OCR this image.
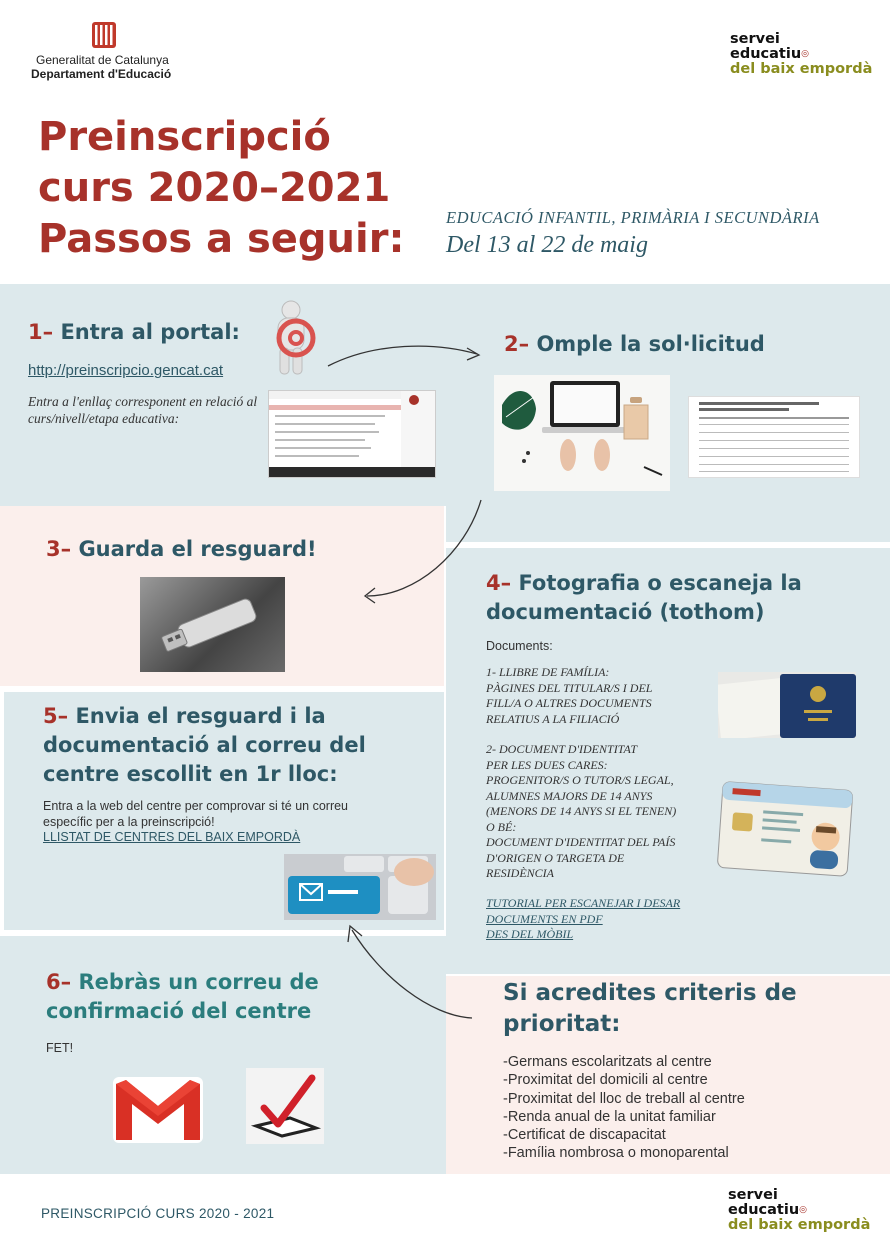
Generalitat de Catalunya
Departament d'Educació
servei
educatiu◎
del baix empordà
Preinscripció
curs 2020–2021
Passos a seguir:	EDUCACIÓ INFANTIL, PRIMÀRIA I SECUNDÀRIA
Del 13 al 22 de maig
1– Entra al portal:
http://preinscripcio.gencat.cat
Entra a l'enllaç corresponent en relació al curs/nivell/etapa educativa:
2– Omple la sol·licitud
3– Guarda el resguard!
4– Fotografia o escaneja la
documentació (tothom)
Documents:
1- LLIBRE DE FAMÍLIA:
PÀGINES DEL TITULAR/S I DEL
FILL/A O ALTRES DOCUMENTS
RELATIUS A LA FILIACIÓ
2- DOCUMENT D'IDENTITAT
PER LES DUES CARES:
PROGENITOR/S O TUTOR/S LEGAL,
ALUMNES MAJORS DE 14 ANYS
(MENORS DE 14 ANYS SI EL TENEN)
O BÉ:
DOCUMENT D'IDENTITAT DEL PAÍS
D'ORIGEN O TARGETA DE
RESIDÈNCIA
TUTORIAL PER ESCANEJAR I DESAR
DOCUMENTS EN PDF
DES DEL MÒBIL
5– Envia el resguard i la
documentació al correu del
centre escollit en 1r lloc:
Entra a la web del centre per comprovar si té un correu
específic per a la preinscripció!
LLISTAT DE CENTRES DEL BAIX EMPORDÀ
6– Rebràs un correu de
confirmació del centre
FET!
Si acredites criteris de
prioritat:
-Germans escolaritzats al centre
-Proximitat del domicili al centre
-Proximitat del lloc de treball al centre
-Renda anual de la unitat familiar
-Certificat de discapacitat
-Família nombrosa o monoparental
PREINSCRIPCIÓ CURS 2020 - 2021
servei
educatiu◎
del baix empordà
